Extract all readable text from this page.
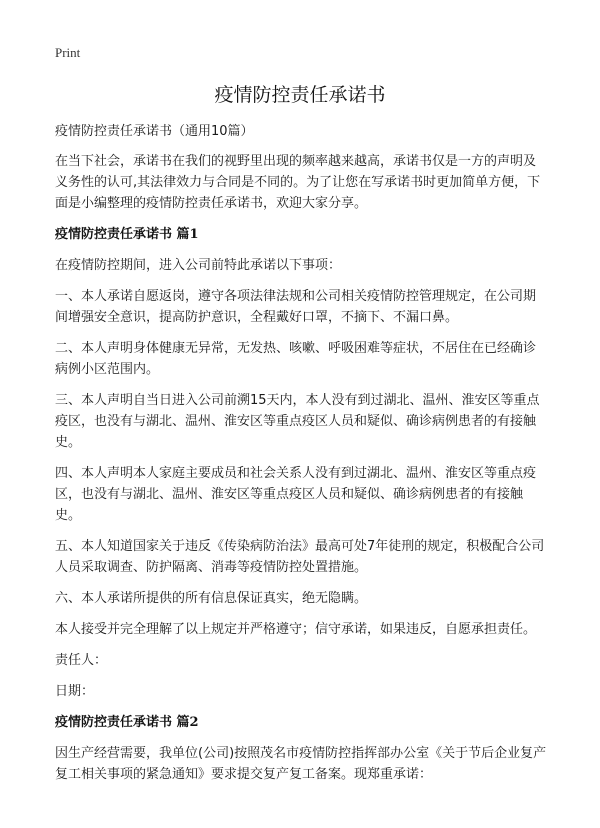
Print
疫情防控责任承诺书

疫情防控责任承诺书（通用10篇）

在当下社会，承诺书在我们的视野里出现的频率越来越高，承诺书仅是一方的声明及义务性的认可,其法律效力与合同是不同的。为了让您在写承诺书时更加简单方便，下面是小编整理的疫情防控责任承诺书，欢迎大家分享。

疫情防控责任承诺书 篇1

在疫情防控期间，进入公司前特此承诺以下事项：

一、本人承诺自愿返岗，遵守各项法律法规和公司相关疫情防控管理规定，在公司期间增强安全意识，提高防护意识，全程戴好口罩，不摘下、不漏口鼻。

二、本人声明身体健康无异常，无发热、咳嗽、呼吸困难等症状，不居住在已经确诊病例小区范围内。

三、本人声明自当日进入公司前溯15天内，本人没有到过湖北、温州、淮安区等重点疫区，也没有与湖北、温州、淮安区等重点疫区人员和疑似、确诊病例患者的有接触史。

四、本人声明本人家庭主要成员和社会关系人没有到过湖北、温州、淮安区等重点疫区，也没有与湖北、温州、淮安区等重点疫区人员和疑似、确诊病例患者的有接触史。

五、本人知道国家关于违反《传染病防治法》最高可处7年徒刑的规定，积极配合公司人员采取调查、防护隔离、消毒等疫情防控处置措施。

六、本人承诺所提供的所有信息保证真实，绝无隐瞒。

本人接受并完全理解了以上规定并严格遵守；信守承诺，如果违反，自愿承担责任。

责任人：

日期：

疫情防控责任承诺书 篇2

因生产经营需要，我单位(公司)按照茂名市疫情防控指挥部办公室《关于节后企业复产复工相关事项的紧急通知》要求提交复产复工备案。现郑重承诺：
